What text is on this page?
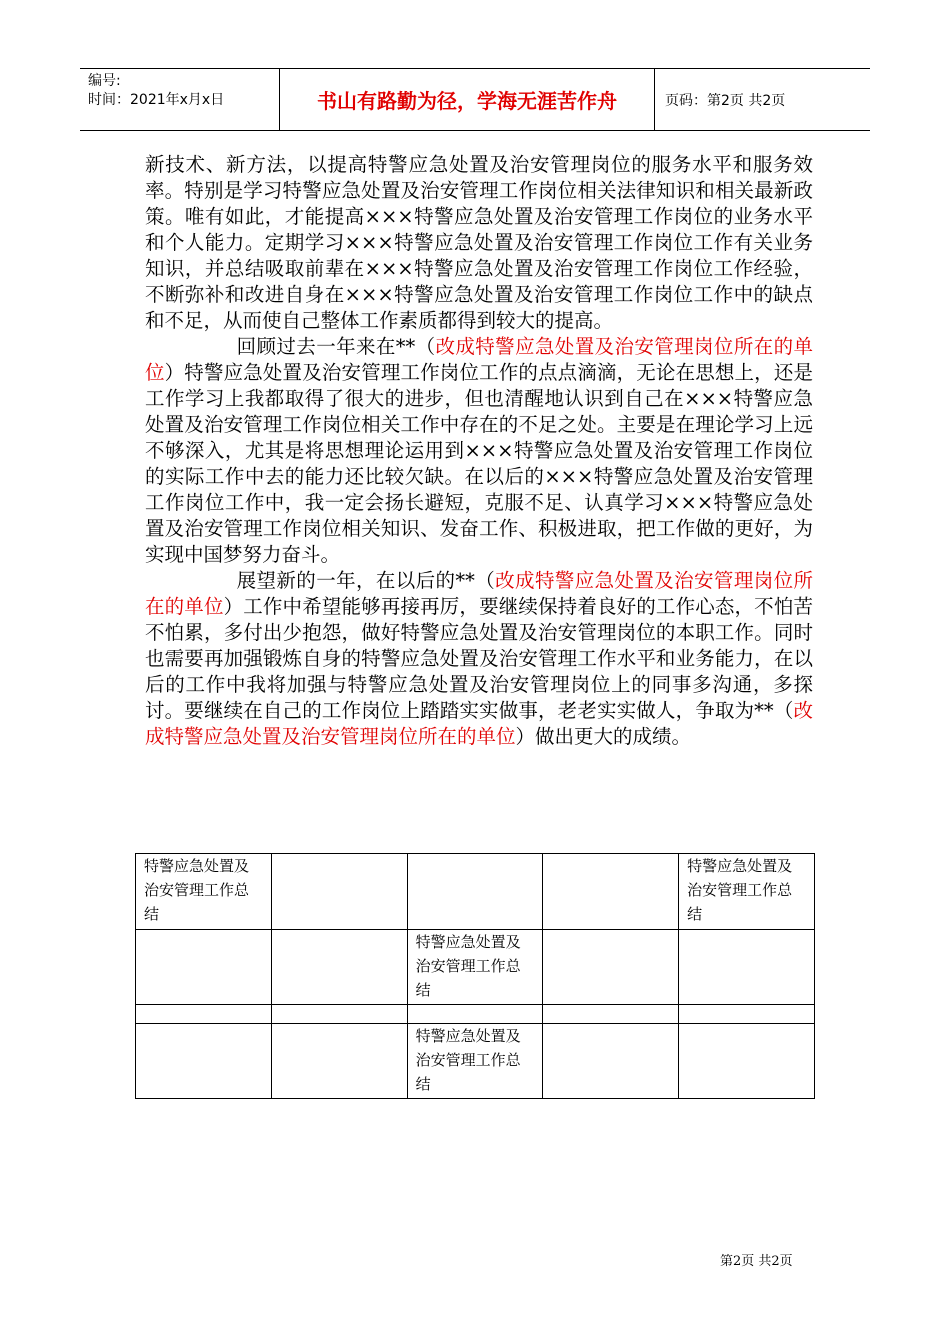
编号:
时间：2021年x月x日	书山有路勤为径，学海无涯苦作舟	页码：第2页 共2页

新技术、新方法，以提高特警应急处置及治安管理岗位的服务水平和服务效率。特别是学习特警应急处置及治安管理工作岗位相关法律知识和相关最新政策。唯有如此，才能提高×××特警应急处置及治安管理工作岗位的业务水平和个人能力。定期学习×××特警应急处置及治安管理工作岗位工作有关业务知识，并总结吸取前辈在×××特警应急处置及治安管理工作岗位工作经验，不断弥补和改进自身在×××特警应急处置及治安管理工作岗位工作中的缺点和不足，从而使自己整体工作素质都得到较大的提高。

回顾过去一年来在**（改成特警应急处置及治安管理岗位所在的单位）特警应急处置及治安管理工作岗位工作的点点滴滴，无论在思想上，还是工作学习上我都取得了很大的进步，但也清醒地认识到自己在×××特警应急处置及治安管理工作岗位相关工作中存在的不足之处。主要是在理论学习上远不够深入，尤其是将思想理论运用到×××特警应急处置及治安管理工作岗位的实际工作中去的能力还比较欠缺。在以后的×××特警应急处置及治安管理工作岗位工作中，我一定会扬长避短，克服不足、认真学习×××特警应急处置及治安管理工作岗位相关知识、发奋工作、积极进取，把工作做的更好，为实现中国梦努力奋斗。

展望新的一年，在以后的**（改成特警应急处置及治安管理岗位所在的单位）工作中希望能够再接再厉，要继续保持着良好的工作心态，不怕苦不怕累，多付出少抱怨，做好特警应急处置及治安管理岗位的本职工作。同时也需要再加强锻炼自身的特警应急处置及治安管理工作水平和业务能力，在以后的工作中我将加强与特警应急处置及治安管理岗位上的同事多沟通，多探讨。要继续在自己的工作岗位上踏踏实实做事，老老实实做人，争取为**（改成特警应急处置及治安管理岗位所在的单位）做出更大的成绩。

特警应急处置及治安管理工作总结				特警应急处置及治安管理工作总结
		特警应急处置及治安管理工作总结		

		特警应急处置及治安管理工作总结		
第2页 共2页
